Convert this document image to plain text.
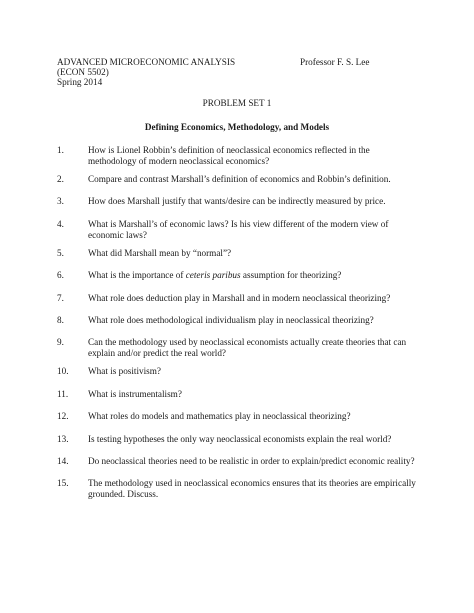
ADVANCED MICROECONOMIC ANALYSIS
(ECON 5502)
Spring 2014
Professor F. S. Lee
PROBLEM SET 1
Defining Economics, Methodology, and Models
1.	How is Lionel Robbin’s definition of neoclassical economics reflected in the
methodology of modern neoclassical economics?
2.	Compare and contrast Marshall’s definition of economics and Robbin’s definition.
3.	How does Marshall justify that wants/desire can be indirectly measured by price.
4.	What is Marshall’s of economic laws? Is his view different of the modern view of
economic laws?
5.	What did Marshall mean by “normal”?
6.	What is the importance of ceteris paribus assumption for theorizing?
7.	What role does deduction play in Marshall and in modern neoclassical theorizing?
8.	What role does methodological individualism play in neoclassical theorizing?
9.	Can the methodology used by neoclassical economists actually create theories that can
explain and/or predict the real world?
10. What is positivism?
11. What is instrumentalism?
12. What roles do models and mathematics play in neoclassical theorizing?
13. Is testing hypotheses the only way neoclassical economists explain the real world?
14. Do neoclassical theories need to be realistic in order to explain/predict economic reality?
15. The methodology used in neoclassical economics ensures that its theories are empirically
grounded. Discuss.
